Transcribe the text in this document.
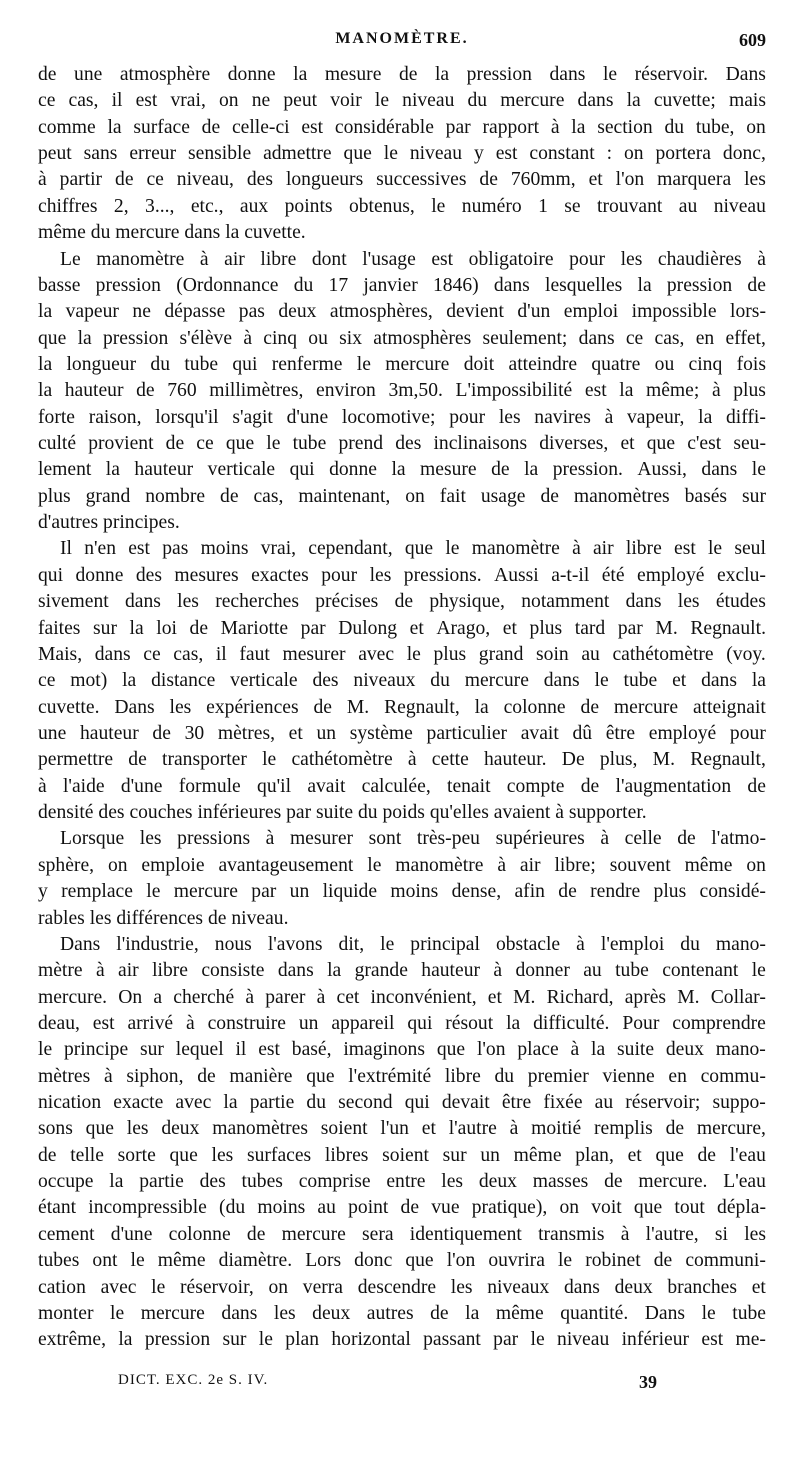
MANOMÈTRE.	609
de une atmosphère donne la mesure de la pression dans le réservoir. Dans
ce cas, il est vrai, on ne peut voir le niveau du mercure dans la cuvette; mais
comme la surface de celle-ci est considérable par rapport à la section du tube, on
peut sans erreur sensible admettre que le niveau y est constant : on portera donc,
à partir de ce niveau, des longueurs successives de 760mm, et l'on marquera les
chiffres 2, 3..., etc., aux points obtenus, le numéro 1 se trouvant au niveau
même du mercure dans la cuvette.
Le manomètre à air libre dont l'usage est obligatoire pour les chaudières à
basse pression (Ordonnance du 17 janvier 1846) dans lesquelles la pression de
la vapeur ne dépasse pas deux atmosphères, devient d'un emploi impossible lors-
que la pression s'élève à cinq ou six atmosphères seulement; dans ce cas, en effet,
la longueur du tube qui renferme le mercure doit atteindre quatre ou cinq fois
la hauteur de 760 millimètres, environ 3m,50. L'impossibilité est la même; à plus
forte raison, lorsqu'il s'agit d'une locomotive; pour les navires à vapeur, la diffi-
culté provient de ce que le tube prend des inclinaisons diverses, et que c'est seu-
lement la hauteur verticale qui donne la mesure de la pression. Aussi, dans le
plus grand nombre de cas, maintenant, on fait usage de manomètres basés sur
d'autres principes.
Il n'en est pas moins vrai, cependant, que le manomètre à air libre est le seul
qui donne des mesures exactes pour les pressions. Aussi a-t-il été employé exclu-
sivement dans les recherches précises de physique, notamment dans les études
faites sur la loi de Mariotte par Dulong et Arago, et plus tard par M. Regnault.
Mais, dans ce cas, il faut mesurer avec le plus grand soin au cathétomètre (voy.
ce mot) la distance verticale des niveaux du mercure dans le tube et dans la
cuvette. Dans les expériences de M. Regnault, la colonne de mercure atteignait
une hauteur de 30 mètres, et un système particulier avait dû être employé pour
permettre de transporter le cathétomètre à cette hauteur. De plus, M. Regnault,
à l'aide d'une formule qu'il avait calculée, tenait compte de l'augmentation de
densité des couches inférieures par suite du poids qu'elles avaient à supporter.
Lorsque les pressions à mesurer sont très-peu supérieures à celle de l'atmo-
sphère, on emploie avantageusement le manomètre à air libre; souvent même on
y remplace le mercure par un liquide moins dense, afin de rendre plus considé-
rables les différences de niveau.
Dans l'industrie, nous l'avons dit, le principal obstacle à l'emploi du mano-
mètre à air libre consiste dans la grande hauteur à donner au tube contenant le
mercure. On a cherché à parer à cet inconvénient, et M. Richard, après M. Collar-
deau, est arrivé à construire un appareil qui résout la difficulté. Pour comprendre
le principe sur lequel il est basé, imaginons que l'on place à la suite deux mano-
mètres à siphon, de manière que l'extrémité libre du premier vienne en commu-
nication exacte avec la partie du second qui devait être fixée au réservoir; suppo-
sons que les deux manomètres soient l'un et l'autre à moitié remplis de mercure,
de telle sorte que les surfaces libres soient sur un même plan, et que de l'eau
occupe la partie des tubes comprise entre les deux masses de mercure. L'eau
étant incompressible (du moins au point de vue pratique), on voit que tout dépla-
cement d'une colonne de mercure sera identiquement transmis à l'autre, si les
tubes ont le même diamètre. Lors donc que l'on ouvrira le robinet de communi-
cation avec le réservoir, on verra descendre les niveaux dans deux branches et
monter le mercure dans les deux autres de la même quantité. Dans le tube
extrême, la pression sur le plan horizontal passant par le niveau inférieur est me-
DICT. EXC. 2e S. IV.	39
